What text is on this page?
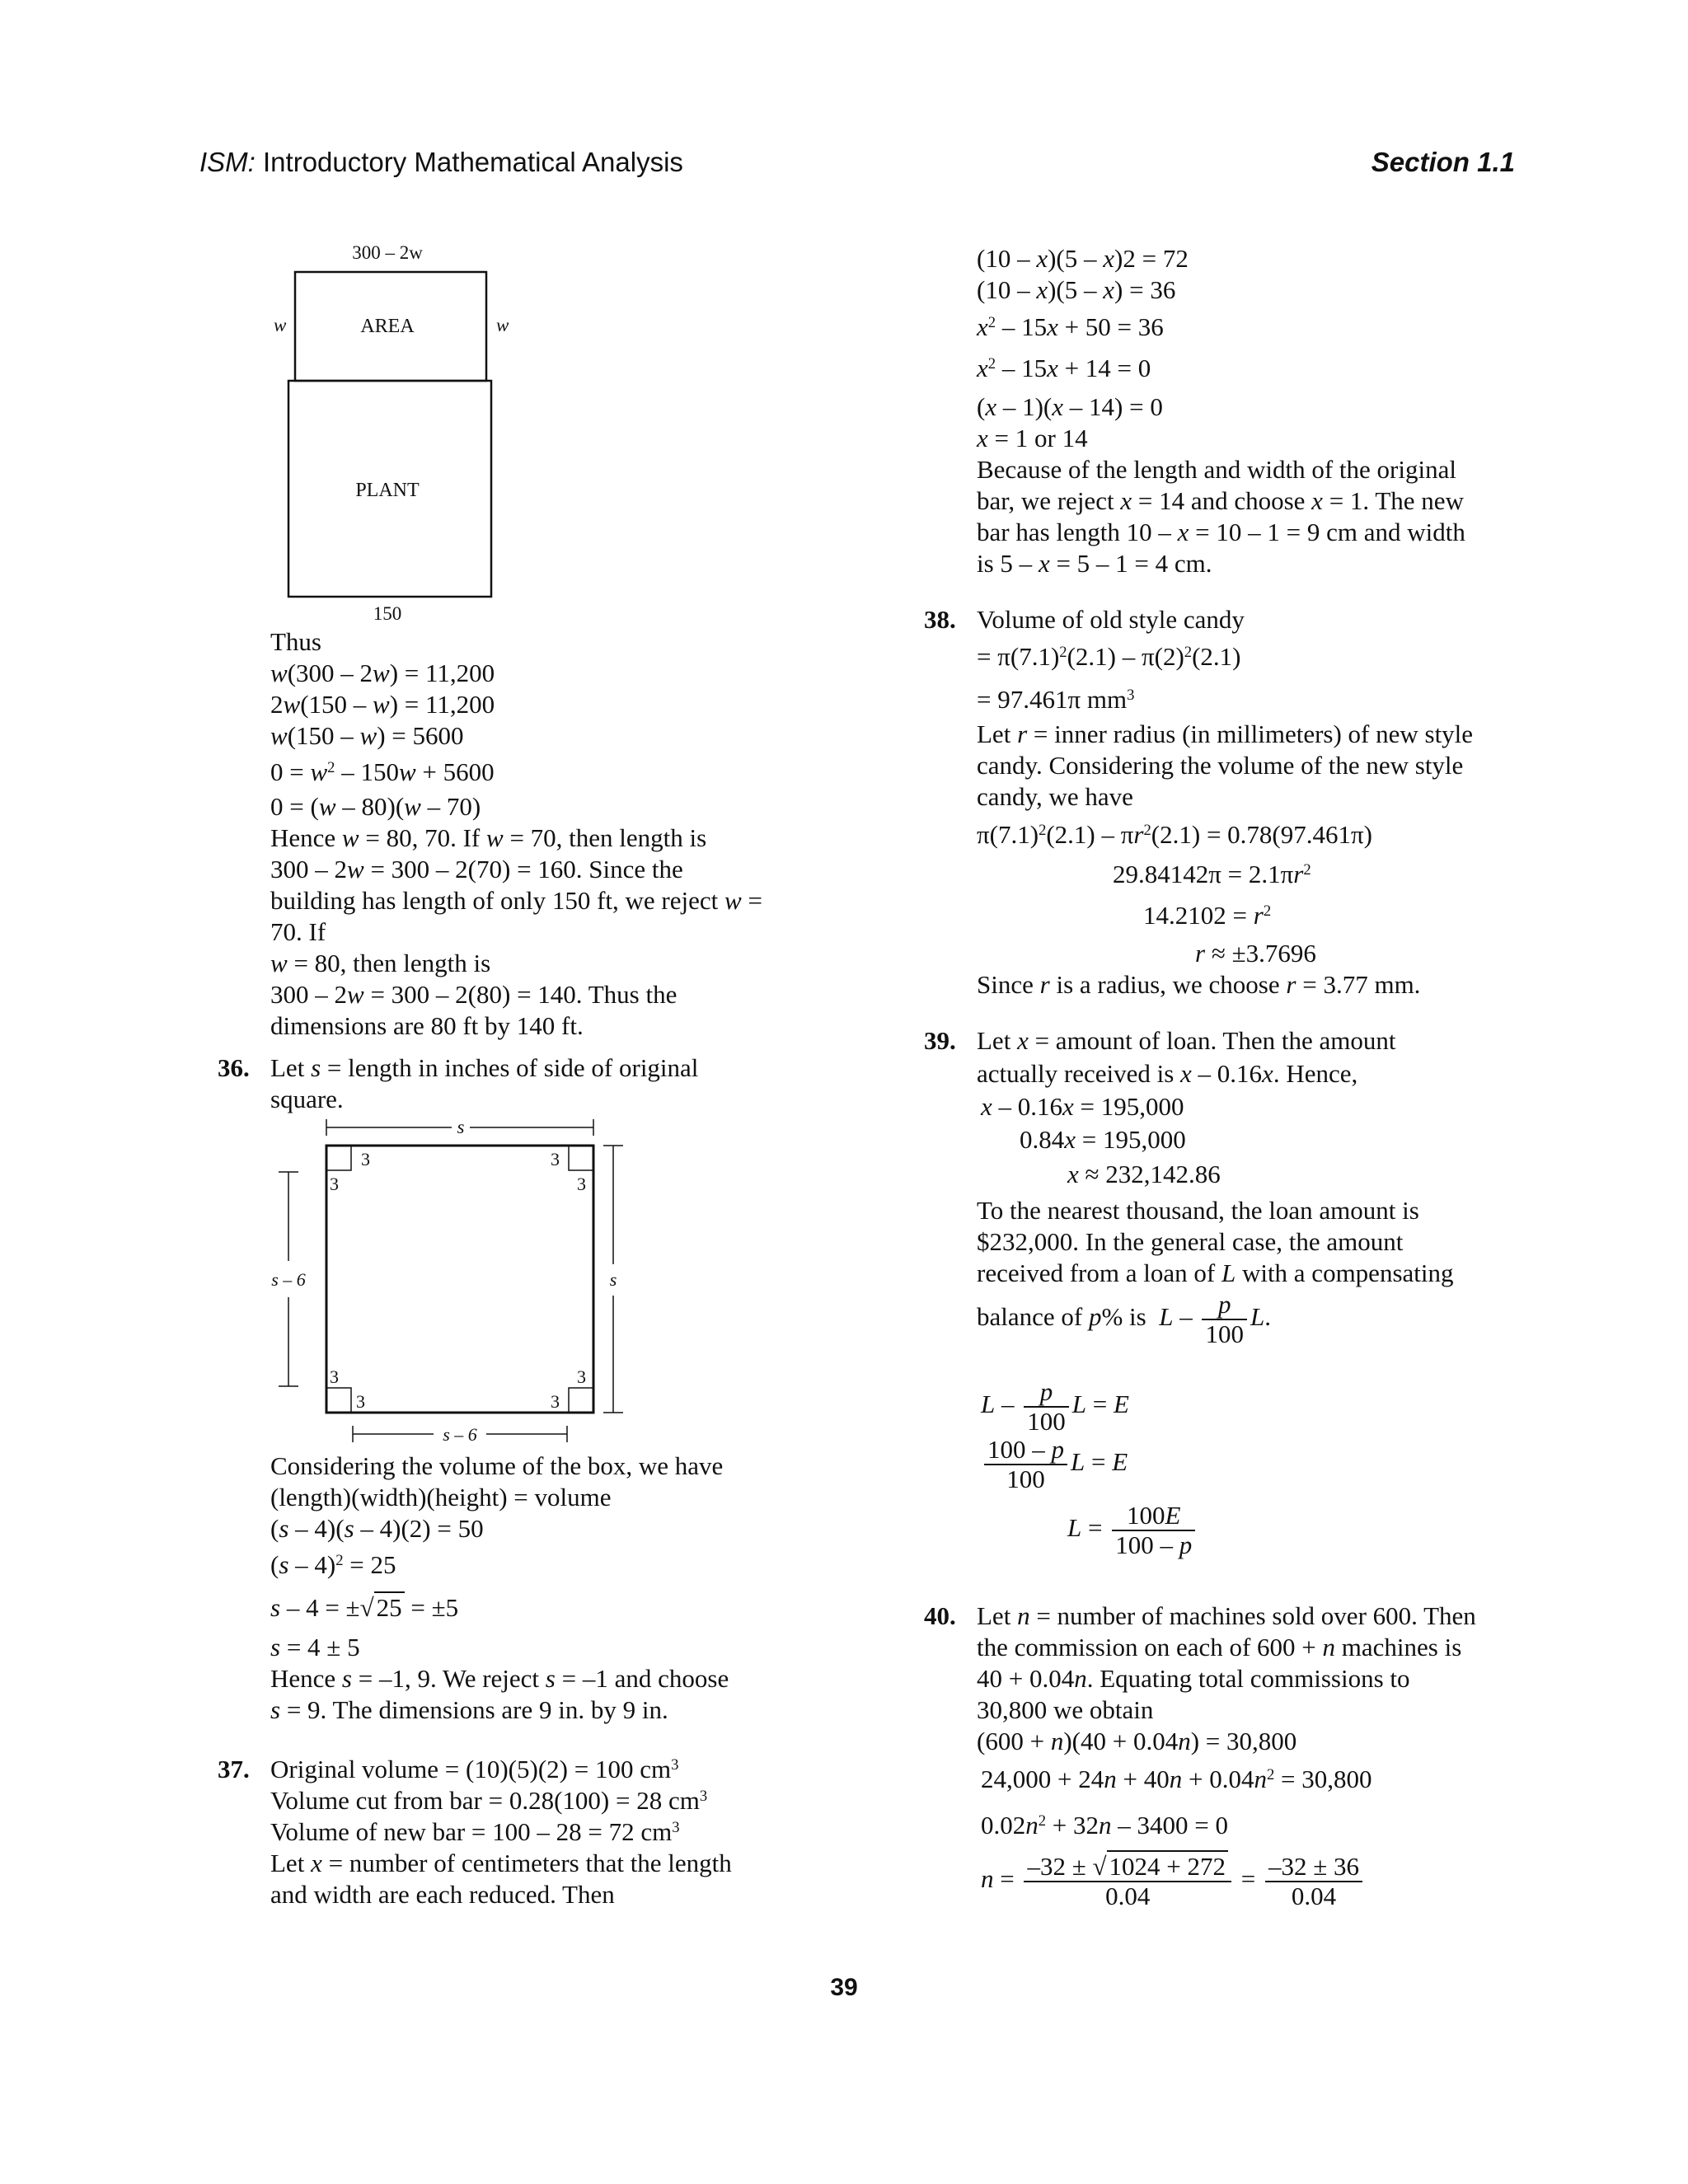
ISM: Introductory Mathematical Analysis	Section 1.1
300 – 2w
w	w
AREA
PLANT
150
Thus
w(300 – 2w) = 11,200
2w(150 – w) = 11,200
w(150 – w) = 5600
$0 = w^2 - 150w + 5600$
0 = (w – 80)(w – 70)
Hence w = 80, 70. If w = 70, then length is
300 – 2w = 300 – 2(70) = 160. Since the
building has length of only 150 ft, we reject w =
70. If
w = 80, then length is
300 – 2w = 300 – 2(80) = 140. Thus the
dimensions are 80 ft by 140 ft.
36. Let s = length in inches of side of original
square.
Considering the volume of the box, we have
(length)(width)(height) = volume
(s – 4)(s – 4)(2) = 50
(s – 4)$^2$ = 25
s – 4 = ±√25 = ±5
s = 4 ± 5
Hence s = –1, 9. We reject s = –1 and choose
s = 9. The dimensions are 9 in. by 9 in.
37. Original volume = (10)(5)(2) = 100 $cm^3$
Volume cut from bar = 0.28(100) = 28 $cm^3$
Volume of new bar = 100 – 28 = 72 $cm^3$
Let x = number of centimeters that the length
and width are each reduced. Then
s
3
3
3
3
3
3
3
3
s – 6	s
s – 6
(10 – x)(5 – x)2 = 72
(10 – x)(5 – x) = 36
$x^2 - 15x + 50 = 36$
$x^2 - 15x + 14 = 0$
(x – 1)(x – 14) = 0
x = 1 or 14
Because of the length and width of the original
bar, we reject x = 14 and choose x = 1. The new
bar has length 10 – x = 10 – 1 = 9 cm and width
is 5 – x = 5 – 1 = 4 cm.
38. Volume of old style candy
= $\pi(7.1)^2(2.1) - \pi(2)^2(2.1)$
= 97.461π $mm^3$
Let r = inner radius (in millimeters) of new style
candy. Considering the volume of the new style
candy, we have
$\pi(7.1)^2(2.1) - \pi r^2(2.1) = 0.78(97.461\pi)$
$29.84142\pi = 2.1\pi r^2$
$14.2102 = r^2$
r ≈ ±3.7696
Since r is a radius, we choose r = 3.77 mm.
39. Let x = amount of loan. Then the amount
actually received is x – 0.16x. Hence,
x – 0.16x = 195,000
0.84x = 195,000
x ≈ 232,142.86
To the nearest thousand, the loan amount is
$232,000. In the general case, the amount
received from a loan of L with a compensating
balance of p% is  L – $\frac{p}{100} L$.
L – $\frac{p}{100}$ L = E
$\frac{100 - p}{100}$ L = E
$L = \frac{100E}{100 - p}$
40. Let n = number of machines sold over 600. Then
the commission on each of 600 + n machines is
40 + 0.04n. Equating total commissions to
30,800 we obtain
(600 + n)(40 + 0.04n) = 30,800
$24,000 + 24n + 40n + 0.04n^2 = 30,800$
$0.02n^2 + 32n - 3400 = 0$
$n = \frac{-32 \pm √1024 + 272}{0.04} = \frac{-32 \pm 36}{0.04}$
39
